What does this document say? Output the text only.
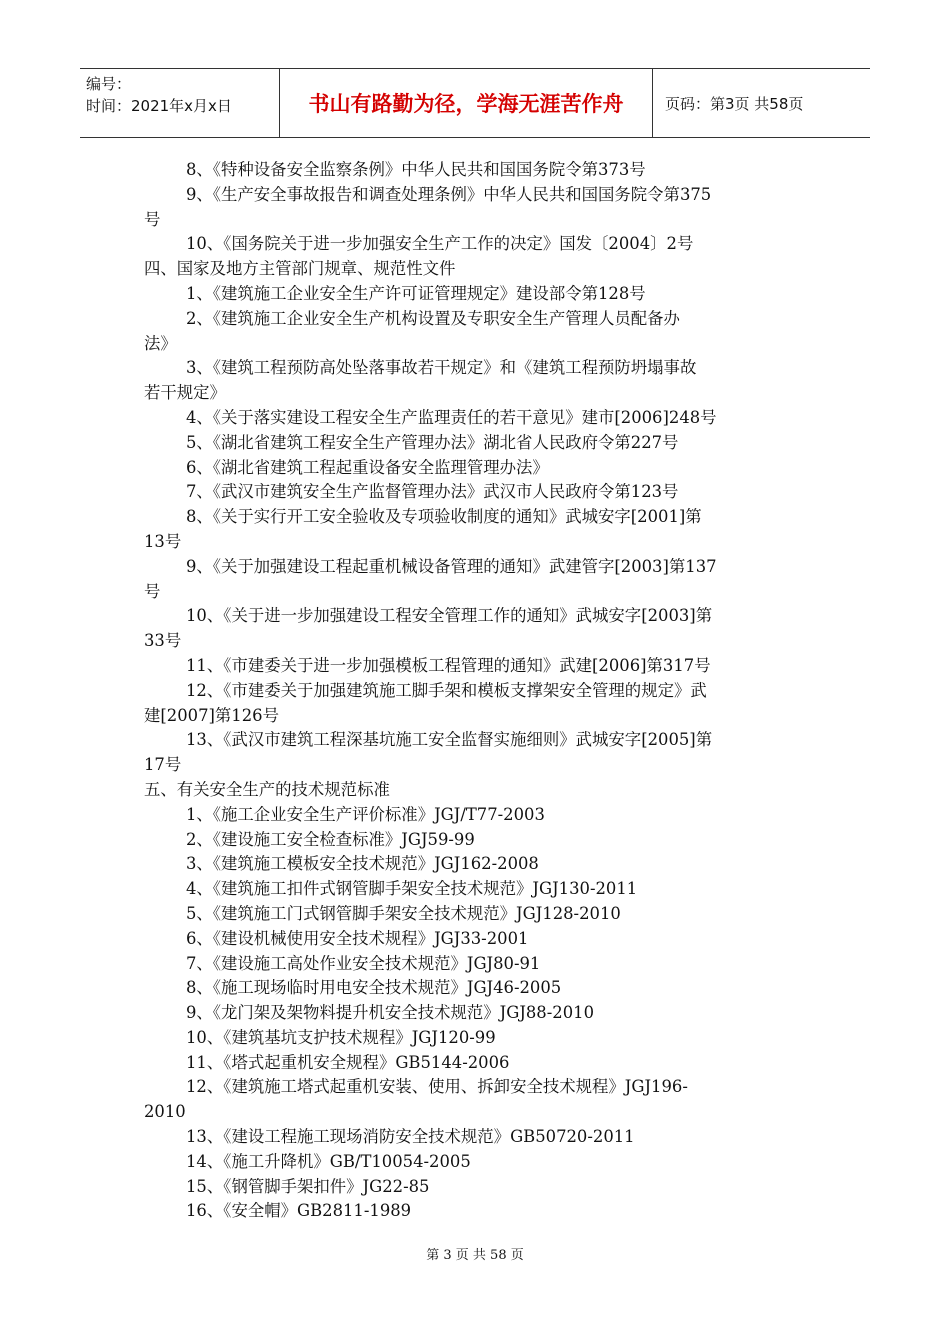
编号：
时间：2021年x月x日	书山有路勤为径，学海无涯苦作舟	页码：第3页 共58页
8、《特种设备安全监察条例》中华人民共和国国务院令第373号
9、《生产安全事故报告和调查处理条例》中华人民共和国国务院令第375
号
10、《国务院关于进一步加强安全生产工作的决定》国发〔2004〕2号
四、国家及地方主管部门规章、规范性文件
1、《建筑施工企业安全生产许可证管理规定》建设部令第128号
2、《建筑施工企业安全生产机构设置及专职安全生产管理人员配备办
法》
3、《建筑工程预防高处坠落事故若干规定》和《建筑工程预防坍塌事故
若干规定》
4、《关于落实建设工程安全生产监理责任的若干意见》建市[2006]248号
5、《湖北省建筑工程安全生产管理办法》湖北省人民政府令第227号
6、《湖北省建筑工程起重设备安全监理管理办法》
7、《武汉市建筑安全生产监督管理办法》武汉市人民政府令第123号
8、《关于实行开工安全验收及专项验收制度的通知》武城安字[2001]第
13号
9、《关于加强建设工程起重机械设备管理的通知》武建管字[2003]第137
号
10、《关于进一步加强建设工程安全管理工作的通知》武城安字[2003]第
33号
11、《市建委关于进一步加强模板工程管理的通知》武建[2006]第317号
12、《市建委关于加强建筑施工脚手架和模板支撑架安全管理的规定》武
建[2007]第126号
13、《武汉市建筑工程深基坑施工安全监督实施细则》武城安字[2005]第
17号
五、有关安全生产的技术规范标准
1、《施工企业安全生产评价标准》JGJ/T77-2003
2、《建设施工安全检查标准》JGJ59-99
3、《建筑施工模板安全技术规范》JGJ162-2008
4、《建筑施工扣件式钢管脚手架安全技术规范》JGJ130-2011
5、《建筑施工门式钢管脚手架安全技术规范》JGJ128-2010
6、《建设机械使用安全技术规程》JGJ33-2001
7、《建设施工高处作业安全技术规范》JGJ80-91
8、《施工现场临时用电安全技术规范》JGJ46-2005
9、《龙门架及架物料提升机安全技术规范》JGJ88-2010
10、《建筑基坑支护技术规程》JGJ120-99
11、《塔式起重机安全规程》GB5144-2006
12、《建筑施工塔式起重机安装、使用、拆卸安全技术规程》JGJ196-
2010
13、《建设工程施工现场消防安全技术规范》GB50720-2011
14、《施工升降机》GB/T10054-2005
15、《钢管脚手架扣件》JG22-85
16、《安全帽》GB2811-1989
第 3 页 共 58 页
